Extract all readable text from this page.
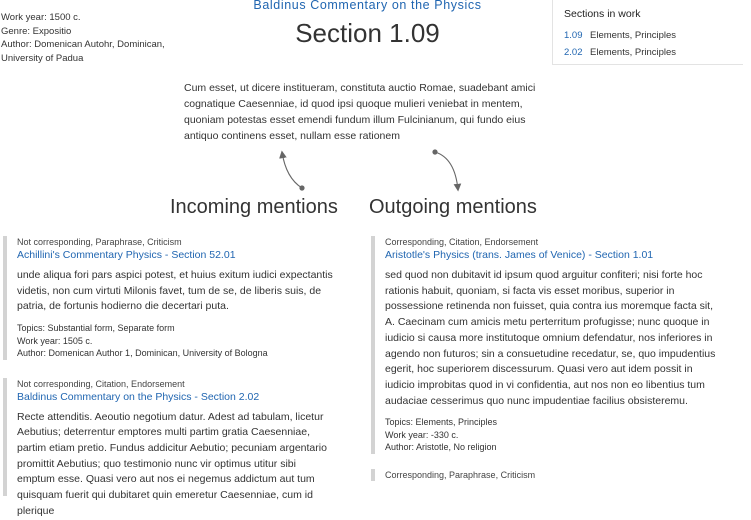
Work year: 1500 c.
Genre: Expositio
Author: Domenican Autohr, Dominican,
University of Padua
Baldinus Commentary on the Physics
Section 1.09
Sections in work
1.09 Elements, Principles
2.02 Elements, Principles
Cum esset, ut dicere institueram, constituta auctio Romae, suadebant amici cognatique Caesenniae, id quod ipsi quoque mulieri veniebat in mentem, quoniam potestas esset emendi fundum illum Fulcinianum, qui fundo eius antiquo continens esset, nullam esse rationem
Incoming mentions Outgoing mentions
Not corresponding, Paraphrase, Criticism
Achillini's Commentary Physics - Section 52.01
unde aliqua fori pars aspici potest, et huius exitum iudici expectantis videtis, non cum virtuti Milonis favet, tum de se, de liberis suis, de patria, de fortunis hodierno die decertari puta.
Topics: Substantial form, Separate form
Work year: 1505 c.
Author: Domenican Author 1, Dominican, University of Bologna
Not corresponding, Citation, Endorsement
Baldinus Commentary on the Physics - Section 2.02
Recte attenditis. Aeoutio negotium datur. Adest ad tabulam, licetur Aebutius; deterrentur emptores multi partim gratia Caesenniae, partim etiam pretio. Fundus addicitur Aebutio; pecuniam argentario promittit Aebutius; quo testimonio nunc vir optimus utitur sibi emptum esse. Quasi vero aut nos ei negemus addictum aut tum quisquam fuerit qui dubitaret quin emeretur Caesenniae, cum id plerique
Corresponding, Citation, Endorsement
Aristotle's Physics (trans. James of Venice) - Section 1.01
sed quod non dubitavit id ipsum quod arguitur confiteri; nisi forte hoc rationis habuit, quoniam, si facta vis esset moribus, superior in possessione retinenda non fuisset, quia contra ius moremque facta sit, A. Caecinam cum amicis metu perterritum profugisse; nunc quoque in iudicio si causa more institutoque omnium defendatur, nos inferiores in agendo non futuros; sin a consuetudine recedatur, se, quo impudentius egerit, hoc superiorem discessurum. Quasi vero aut idem possit in iudicio improbitas quod in vi confidentia, aut nos non eo libentius tum audaciae cesserimus quo nunc impudentiae facilius obsisteremu.
Topics: Elements, Principles
Work year: -330 c.
Author: Aristotle, No religion
Corresponding, Paraphrase, Criticism
